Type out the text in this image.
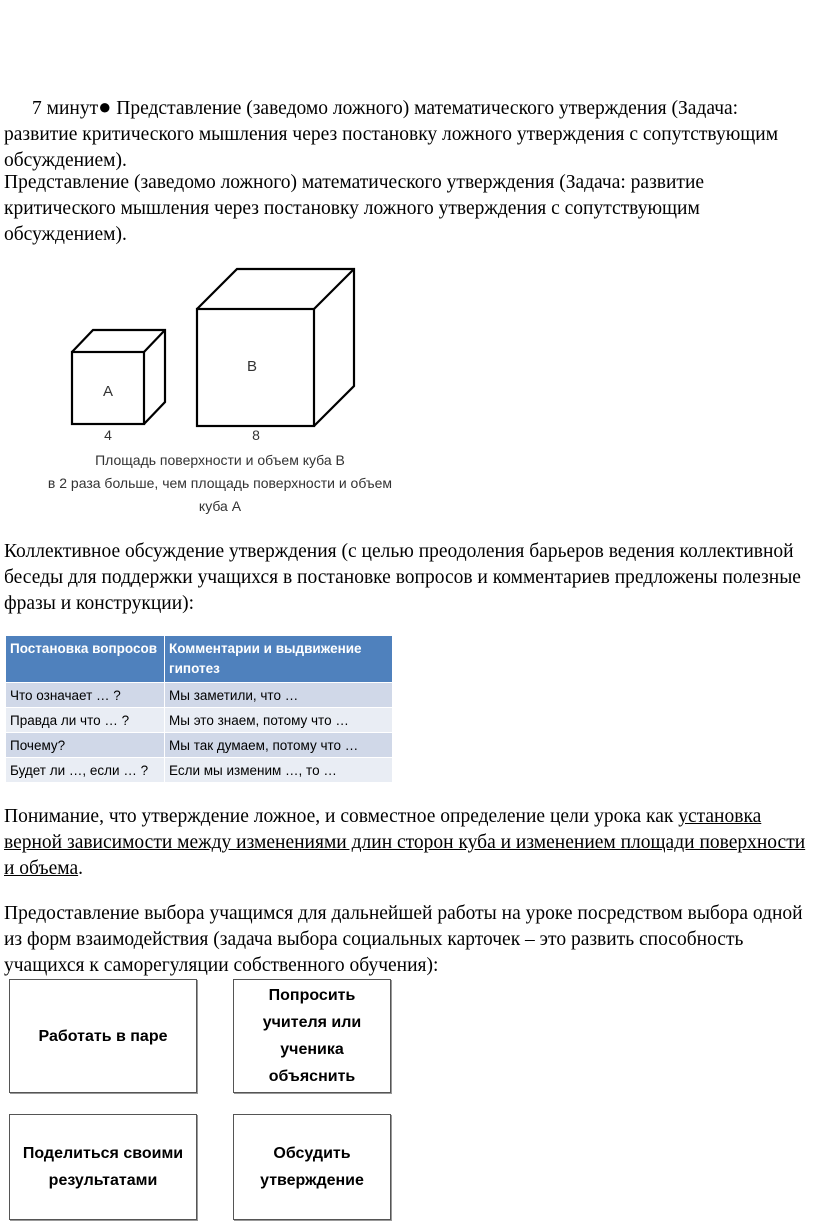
7 минут● Представление (заведомо ложного) математического утверждения (Задача: развитие критического мышления через постановку ложного утверждения с сопутствующим обсуждением).
Представление (заведомо ложного) математического утверждения (Задача: развитие критического мышления через постановку ложного утверждения с сопутствующим обсуждением).
A
B
4	8
Площадь поверхности и объем куба В
в 2 раза больше, чем площадь поверхности и объем
куба А
Коллективное обсуждение утверждения (с целью преодоления барьеров ведения коллективной беседы для поддержки учащихся в постановке вопросов и комментариев предложены полезные фразы и конструкции):
Постановка вопросов	Комментарии и выдвижение гипотез
Что означает … ?	Мы заметили, что …
Правда ли что … ?	Мы это знаем, потому что …
Почему?	Мы так думаем, потому что …
Будет ли …, если … ?	Если мы изменим …, то …
Понимание, что утверждение ложное, и совместное определение цели урока как установка верной зависимости между изменениями длин сторон куба и изменением площади поверхности и объема.
Предоставление выбора учащимся для дальнейшей работы на уроке посредством выбора одной из форм взаимодействия (задача выбора социальных карточек – это развить способность учащихся к саморегуляции собственного обучения):
Работать в паре
Попросить учителя или ученика объяснить
Поделиться своими результатами
Обсудить утверждение
